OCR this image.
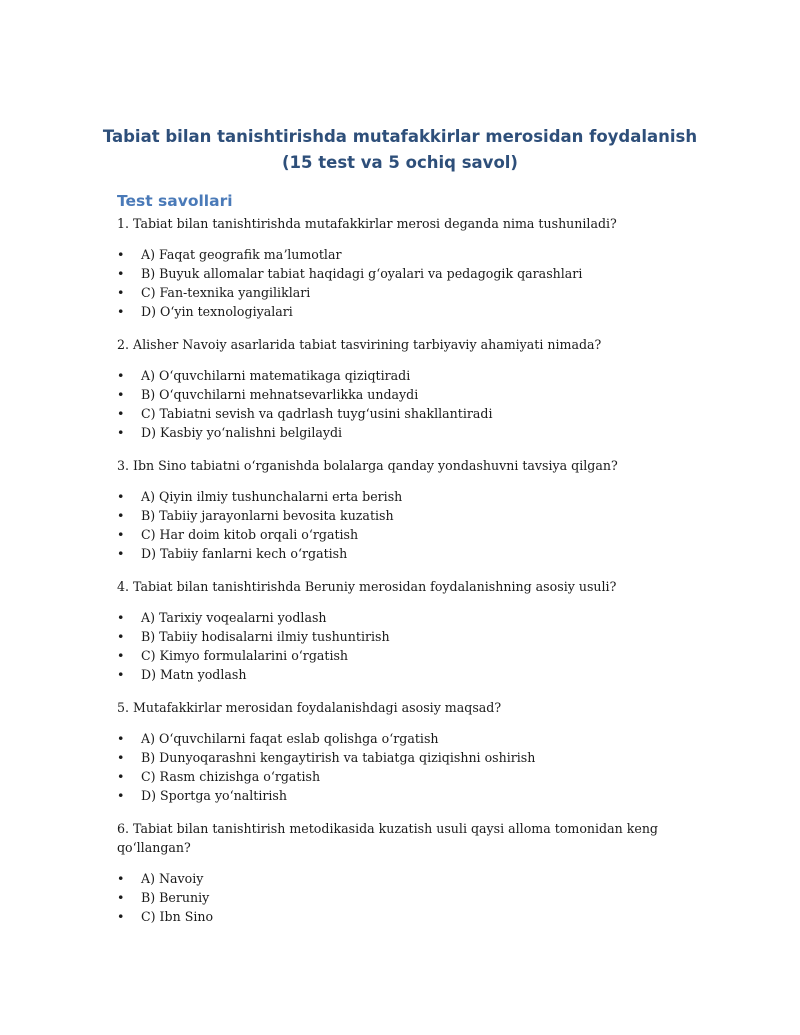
Tabiat bilan tanishtirishda mutafakkirlar merosidan foydalanish
(15 test va 5 ochiq savol)
Test savollari

1. Tabiat bilan tanishtirishda mutafakkirlar merosi deganda nima tushuniladi?

• A) Faqat geografik maʼlumotlar
• B) Buyuk allomalar tabiat haqidagi gʻoyalari va pedagogik qarashlari
• C) Fan-texnika yangiliklari
• D) Oʻyin texnologiyalari

2. Alisher Navoiy asarlarida tabiat tasvirining tarbiyaviy ahamiyati nimada?

• A) Oʻquvchilarni matematikaga qiziqtiradi
• B) Oʻquvchilarni mehnatsevarlikka undaydi
• C) Tabiatni sevish va qadrlash tuygʻusini shakllantiradi
• D) Kasbiy yoʻnalishni belgilaydi

3. Ibn Sino tabiatni oʻrganishda bolalarga qanday yondashuvni tavsiya qilgan?

• A) Qiyin ilmiy tushunchalarni erta berish
• B) Tabiiy jarayonlarni bevosita kuzatish
• C) Har doim kitob orqali oʻrgatish
• D) Tabiiy fanlarni kech oʻrgatish

4. Tabiat bilan tanishtirishda Beruniy merosidan foydalanishning asosiy usuli?

• A) Tarixiy voqealarni yodlash
• B) Tabiiy hodisalarni ilmiy tushuntirish
• C) Kimyo formulalarini oʻrgatish
• D) Matn yodlash

5. Mutafakkirlar merosidan foydalanishdagi asosiy maqsad?

• A) Oʻquvchilarni faqat eslab qolishga oʻrgatish
• B) Dunyoqarashni kengaytirish va tabiatga qiziqishni oshirish
• C) Rasm chizishga oʻrgatish
• D) Sportga yoʻnaltirish

6. Tabiat bilan tanishtirish metodikasida kuzatish usuli qaysi alloma tomonidan keng qoʻllangan?

• A) Navoiy
• B) Beruniy
• C) Ibn Sino
